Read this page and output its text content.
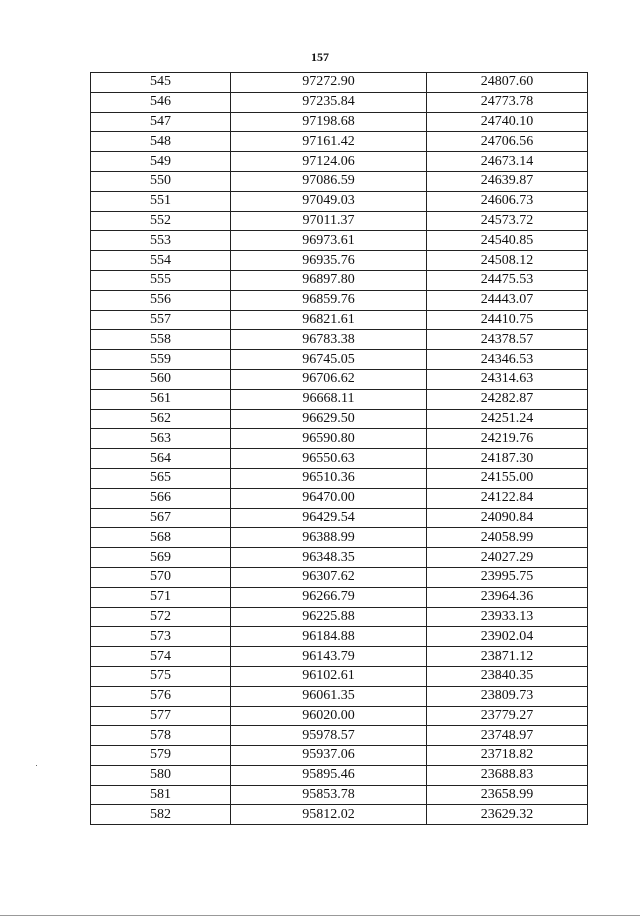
157
545	97272.90	24807.60
546	97235.84	24773.78
547	97198.68	24740.10
548	97161.42	24706.56
549	97124.06	24673.14
550	97086.59	24639.87
551	97049.03	24606.73
552	97011.37	24573.72
553	96973.61	24540.85
554	96935.76	24508.12
555	96897.80	24475.53
556	96859.76	24443.07
557	96821.61	24410.75
558	96783.38	24378.57
559	96745.05	24346.53
560	96706.62	24314.63
561	96668.11	24282.87
562	96629.50	24251.24
563	96590.80	24219.76
564	96550.63	24187.30
565	96510.36	24155.00
566	96470.00	24122.84
567	96429.54	24090.84
568	96388.99	24058.99
569	96348.35	24027.29
570	96307.62	23995.75
571	96266.79	23964.36
572	96225.88	23933.13
573	96184.88	23902.04
574	96143.79	23871.12
575	96102.61	23840.35
576	96061.35	23809.73
577	96020.00	23779.27
578	95978.57	23748.97
579	95937.06	23718.82
580	95895.46	23688.83
581	95853.78	23658.99
582	95812.02	23629.32
